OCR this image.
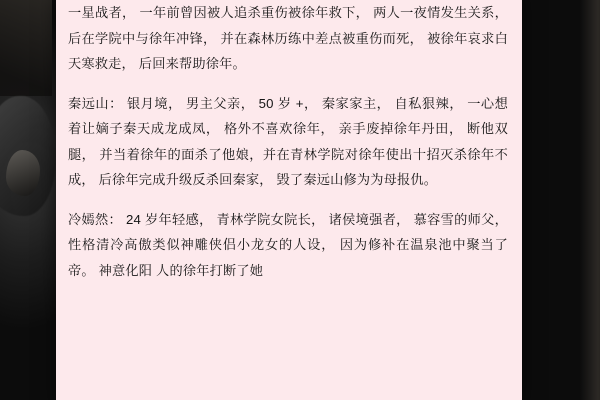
一星战者， 一年前曾因被人追杀重伤被徐年救下， 两人一夜情发生关系， 后在学院中与徐年冲锋， 并在森林历练中差点被重伤而死， 被徐年哀求白天寒救走， 后回来帮助徐年。

秦远山： 银月境， 男主父亲， 50 岁 +， 秦家家主， 自私狠辣， 一心想着让嫡子秦天成龙成凤， 格外不喜欢徐年， 亲手废掉徐年丹田， 断他双腿， 并当着徐年的面杀了他娘，并在青林学院对徐年使出十招灭杀徐年不成， 后徐年完成升级反杀回秦家， 毁了秦远山修为为母报仇。

冷嫣然： 24 岁年轻感， 青林学院女院长， 诸侯境强者， 慕容雪的师父， 性格清冷高傲类似神雕侠侣小龙女的人设， 因为修补在温泉池中聚当了帝。 神意化阳 人的徐年打断了她
